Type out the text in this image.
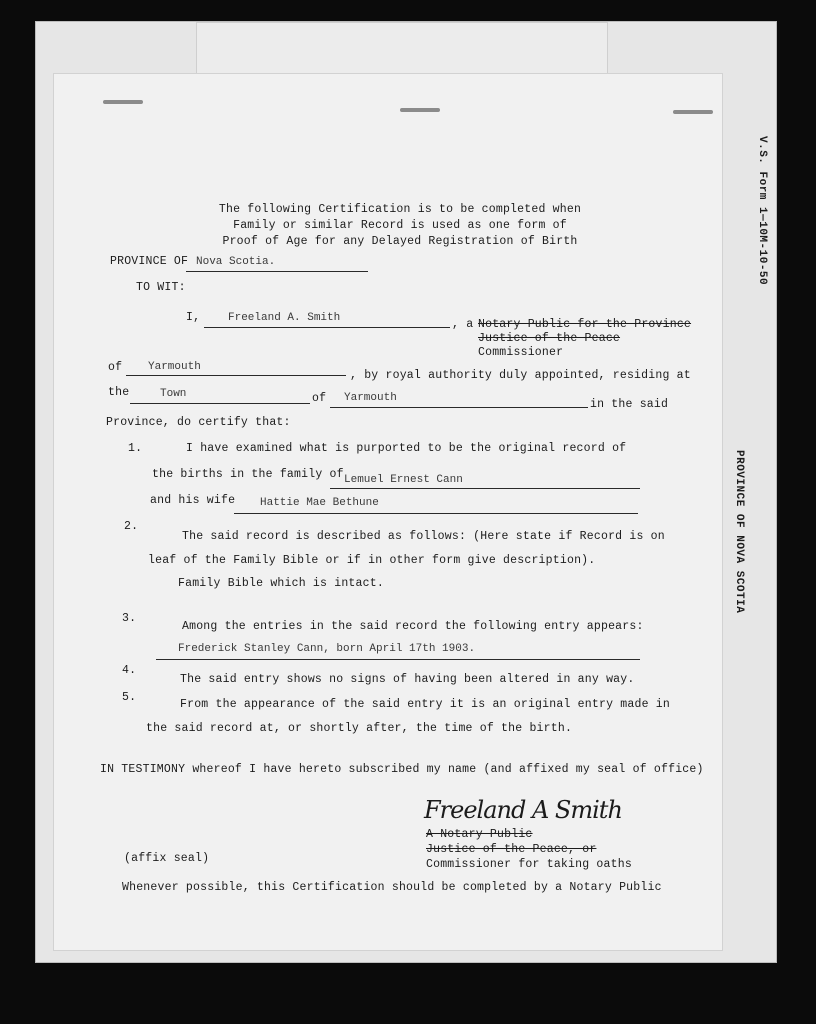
V.S. Form 1—10M-10-50
PROVINCE OF NOVA SCOTIA
The following Certification is to be completed when
Family or similar Record is used as one form of
Proof of Age for any Delayed Registration of Birth
PROVINCE OF Nova Scotia.
TO WIT:
I,	Freeland A. Smith	, a Notary Public for the Province
Justice of the Peace
Commissioner
of Yarmouth
, by royal authority duly appointed, residing at
the	Town	of Yarmouth	in the said
Province, do certify that:
1.	I have examined what is purported to be the original record of
the births in the family of Lemuel Ernest Cann
and his wife Hattie Mae Bethune
2.
The said record is described as follows: (Here state if Record is on
leaf of the Family Bible or if in other form give description).
Family Bible which is intact.
3.
Among the entries in the said record the following entry appears:
Frederick Stanley Cann, born April 17th 1903.
4.
The said entry shows no signs of having been altered in any way.
5.
From the appearance of the said entry it is an original entry made in
the said record at, or shortly after, the time of the birth.
IN TESTIMONY whereof I have hereto subscribed my name (and affixed my seal of office)
Freeland A Smith
A Notary Public
Justice of the Peace, or
Commissioner for taking oaths
(affix seal)
Whenever possible, this Certification should be completed by a Notary Public
